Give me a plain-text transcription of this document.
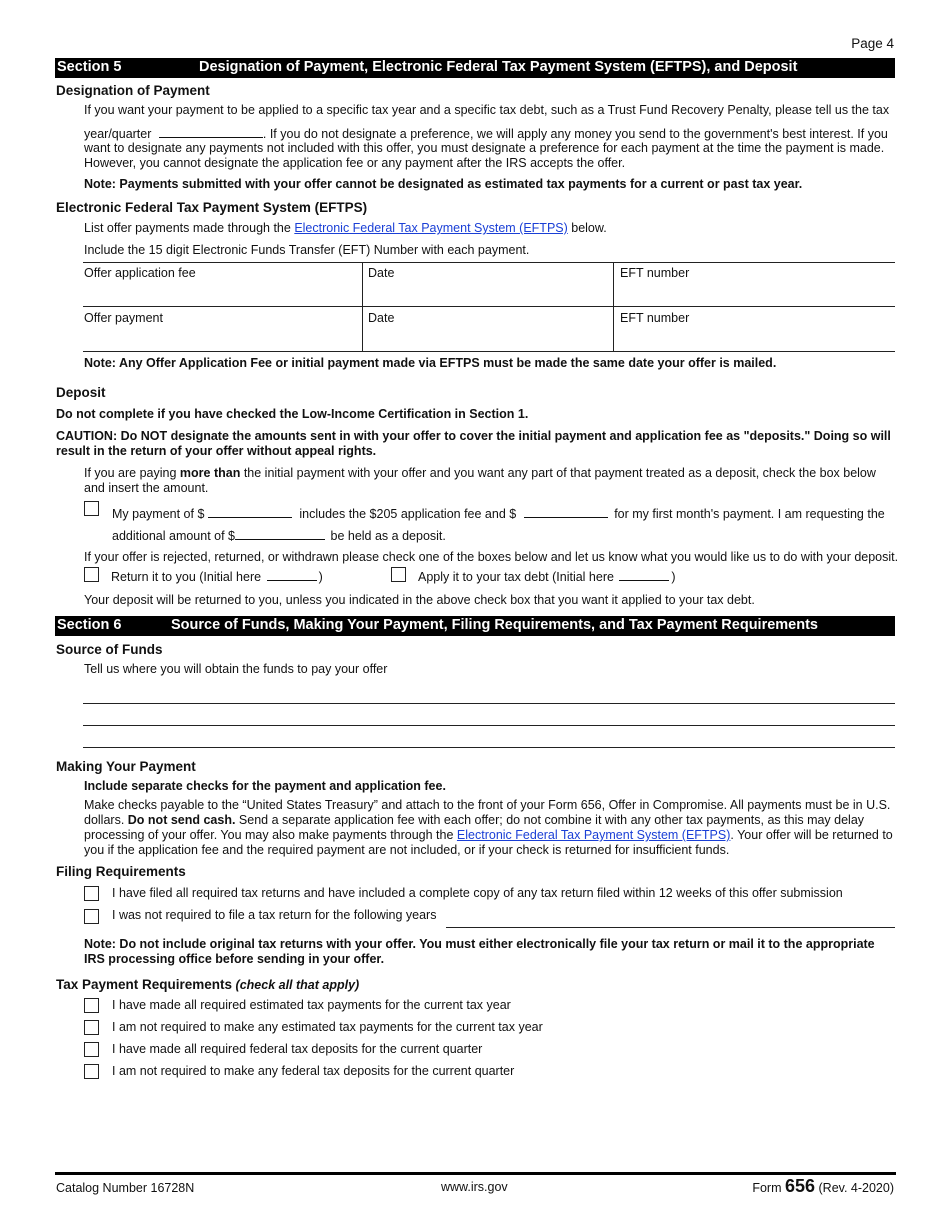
Page 4
Section 5	Designation of Payment, Electronic Federal Tax Payment System (EFTPS), and Deposit
Designation of Payment
If you want your payment to be applied to a specific tax year and a specific tax debt, such as a Trust Fund Recovery Penalty, please tell us the tax
year/quarter	. If you do not designate a preference, we will apply any money you send to the government's best interest. If you
want to designate any payments not included with this offer, you must designate a preference for each payment at the time the payment is made.
However, you cannot designate the application fee or any payment after the IRS accepts the offer.
Note: Payments submitted with your offer cannot be designated as estimated tax payments for a current or past tax year.
Electronic Federal Tax Payment System (EFTPS)
List offer payments made through the Electronic Federal Tax Payment System (EFTPS) below.
Include the 15 digit Electronic Funds Transfer (EFT) Number with each payment.
Offer application fee	Date	EFT number
Offer payment	Date	EFT number
Note: Any Offer Application Fee or initial payment made via EFTPS must be made the same date your offer is mailed.
Deposit
Do not complete if you have checked the Low-Income Certification in Section 1.
CAUTION: Do NOT designate the amounts sent in with your offer to cover the initial payment and application fee as "deposits." Doing so will
result in the return of your offer without appeal rights.
If you are paying more than the initial payment with your offer and you want any part of that payment treated as a deposit, check the box below
and insert the amount.
My payment of $	includes the $205 application fee and $	for my first month's payment. I am requesting the
additional amount of $	be held as a deposit.
If your offer is rejected, returned, or withdrawn please check one of the boxes below and let us know what you would like us to do with your deposit.
Return it to you (Initial here	)	Apply it to your tax debt (Initial here	)
Your deposit will be returned to you, unless you indicated in the above check box that you want it applied to your tax debt.
Section 6	Source of Funds, Making Your Payment, Filing Requirements, and Tax Payment Requirements
Source of Funds
Tell us where you will obtain the funds to pay your offer
Making Your Payment
Include separate checks for the payment and application fee.
Make checks payable to the “United States Treasury” and attach to the front of your Form 656, Offer in Compromise. All payments must be in U.S.
dollars. Do not send cash. Send a separate application fee with each offer; do not combine it with any other tax payments, as this may delay
processing of your offer. You may also make payments through the Electronic Federal Tax Payment System (EFTPS). Your offer will be returned to
you if the application fee and the required payment are not included, or if your check is returned for insufficient funds.
Filing Requirements
I have filed all required tax returns and have included a complete copy of any tax return filed within 12 weeks of this offer submission
I was not required to file a tax return for the following years
Note: Do not include original tax returns with your offer. You must either electronically file your tax return or mail it to the appropriate
IRS processing office before sending in your offer.
Tax Payment Requirements (check all that apply)
I have made all required estimated tax payments for the current tax year
I am not required to make any estimated tax payments for the current tax year
I have made all required federal tax deposits for the current quarter
I am not required to make any federal tax deposits for the current quarter
Catalog Number 16728N	www.irs.gov	Form 656 (Rev. 4-2020)
